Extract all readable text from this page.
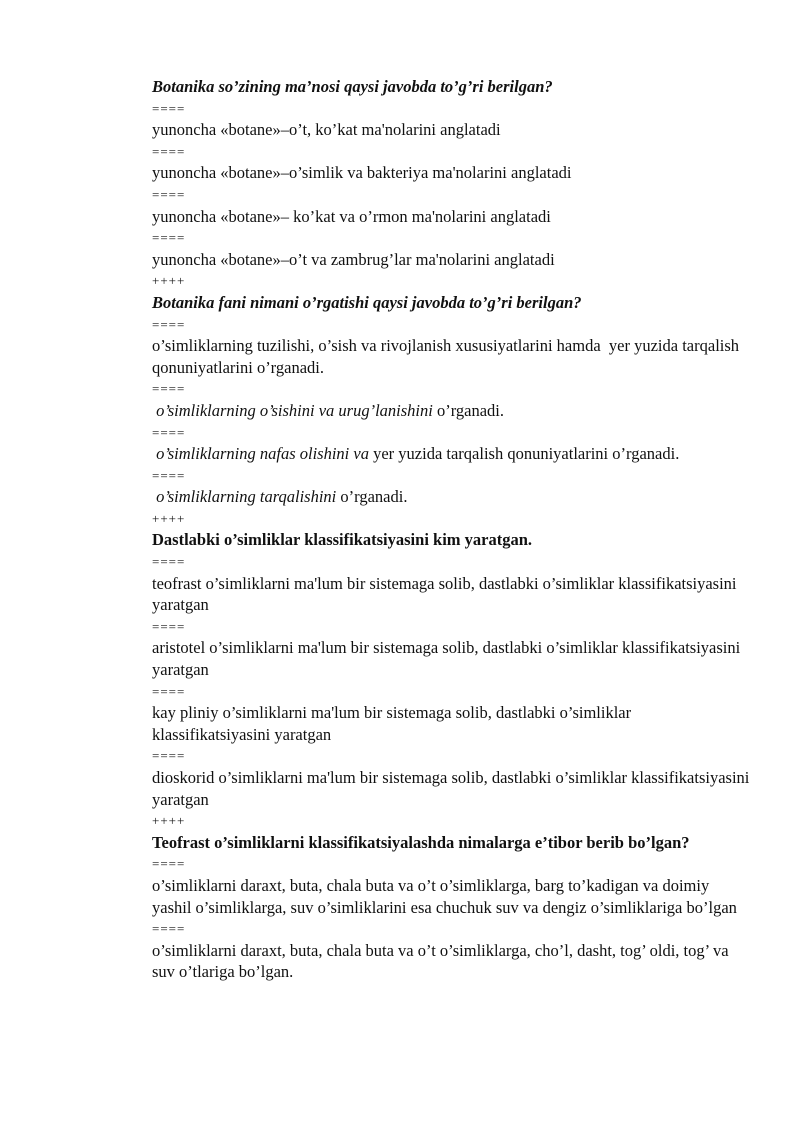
Botanika so’zining ma’nosi qaysi javobda to’g’ri berilgan?
====
yunoncha «botane»–o’t, ko’kat ma'nolarini anglatadi
====
yunoncha «botane»–o’simlik va bakteriya ma'nolarini anglatadi
====
yunoncha «botane»– ko’kat va o’rmon ma'nolarini anglatadi
====
yunoncha «botane»–o’t va zambrug’lar ma'nolarini anglatadi
++++
Botanika fani nimani o’rgatishi qaysi javobda to’g’ri berilgan?
====
o’simliklarning tuzilishi, o’sish va rivojlanish xususiyatlarini hamda  yer yuzida tarqalish qonuniyatlarini o’rganadi.
====
o’simliklarning o’sishini va urug’lanishini o’rganadi.
====
o’simliklarning nafas olishini va yer yuzida tarqalish qonuniyatlarini o’rganadi.
====
o’simliklarning tarqalishini o’rganadi.
++++
Dastlabki o’simliklar klassifikatsiyasini kim yaratgan.
====
teofrast o’simliklarni ma'lum bir sistemaga solib, dastlabki o’simliklar klassifikatsiyasini yaratgan
====
aristotel o’simliklarni ma'lum bir sistemaga solib, dastlabki o’simliklar klassifikatsiyasini yaratgan
====
kay pliniy o’simliklarni ma'lum bir sistemaga solib, dastlabki o’simliklar klassifikatsiyasini yaratgan
====
dioskorid o’simliklarni ma'lum bir sistemaga solib, dastlabki o’simliklar klassifikatsiyasini yaratgan
++++
Teofrast o’simliklarni klassifikatsiyalashda nimalarga e’tibor berib bo’lgan?
====
o’simliklarni daraxt, buta, chala buta va o’t o’simliklarga, barg to’kadigan va doimiy yashil o’simliklarga, suv o’simliklarini esa chuchuk suv va dengiz o’simliklariga bo’lgan
====
o’simliklarni daraxt, buta, chala buta va o’t o’simliklarga, cho’l, dasht, tog’ oldi, tog’ va suv o’tlariga bo’lgan.
